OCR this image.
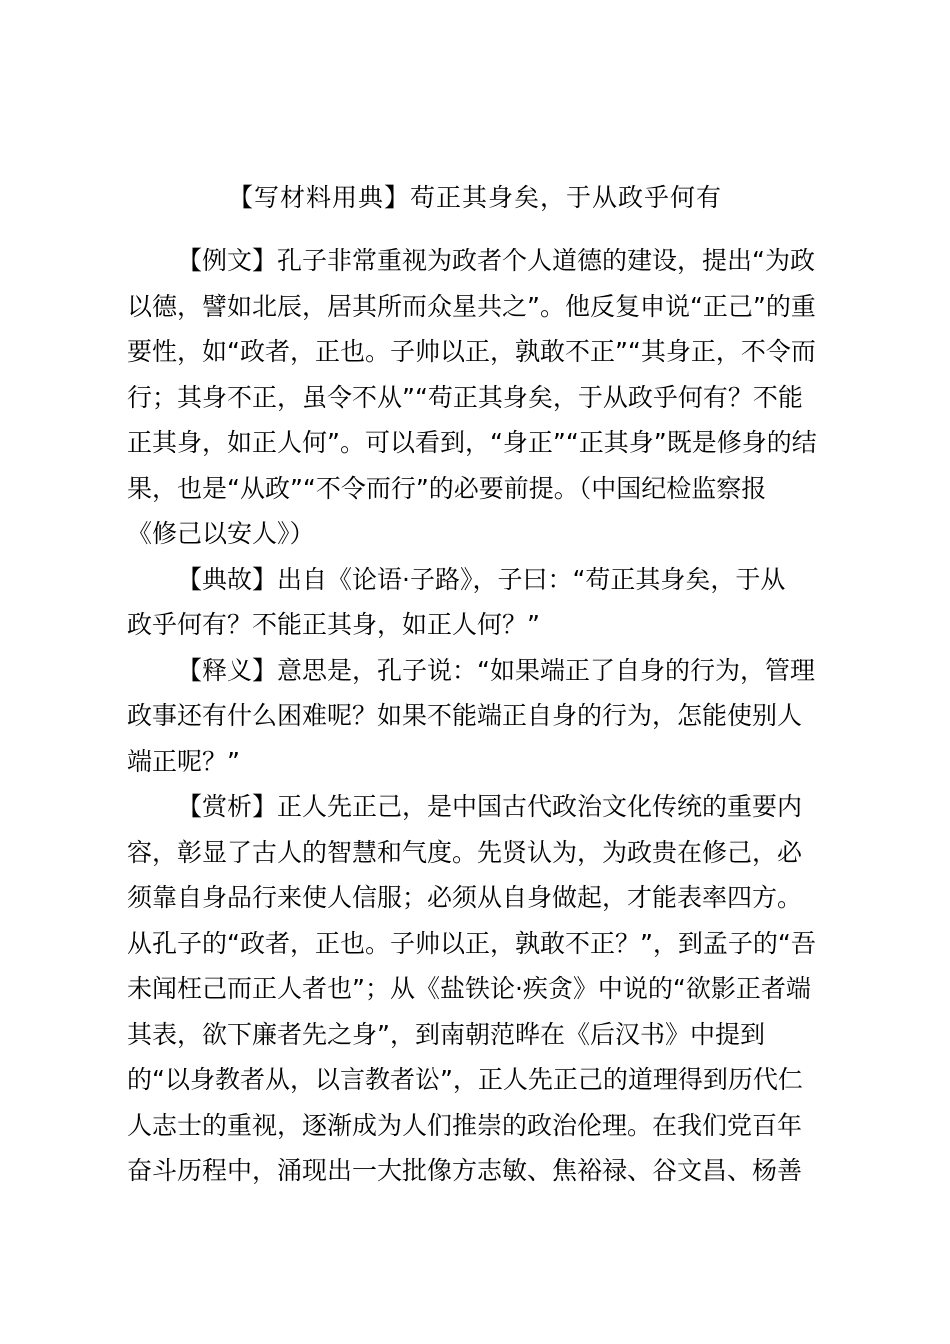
【写材料用典】苟正其身矣，于从政乎何有

【例文】孔子非常重视为政者个人道德的建设，提出“为政
以德，譬如北辰，居其所而众星共之”。他反复申说“正己”的重
要性，如“政者，正也。子帅以正，孰敢不正”“其身正，不令而
行；其身不正，虽令不从”“苟正其身矣，于从政乎何有？不能
正其身，如正人何”。可以看到，“身正”“正其身”既是修身的结
果，也是“从政”“不令而行”的必要前提。（中国纪检监察报
《修己以安人》）

【典故】出自《论语·子路》，子曰：“苟正其身矣，于从
政乎何有？不能正其身，如正人何？”

【释义】意思是，孔子说：“如果端正了自身的行为，管理
政事还有什么困难呢？如果不能端正自身的行为，怎能使别人
端正呢？”

【赏析】正人先正己，是中国古代政治文化传统的重要内
容，彰显了古人的智慧和气度。先贤认为，为政贵在修己，必
须靠自身品行来使人信服；必须从自身做起，才能表率四方。
从孔子的“政者，正也。子帅以正，孰敢不正？”，到孟子的“吾
未闻枉己而正人者也”；从《盐铁论·疾贪》中说的“欲影正者端
其表，欲下廉者先之身”，到南朝范晔在《后汉书》中提到
的“以身教者从，以言教者讼”，正人先正己的道理得到历代仁
人志士的重视，逐渐成为人们推崇的政治伦理。在我们党百年
奋斗历程中，涌现出一大批像方志敏、焦裕禄、谷文昌、杨善
